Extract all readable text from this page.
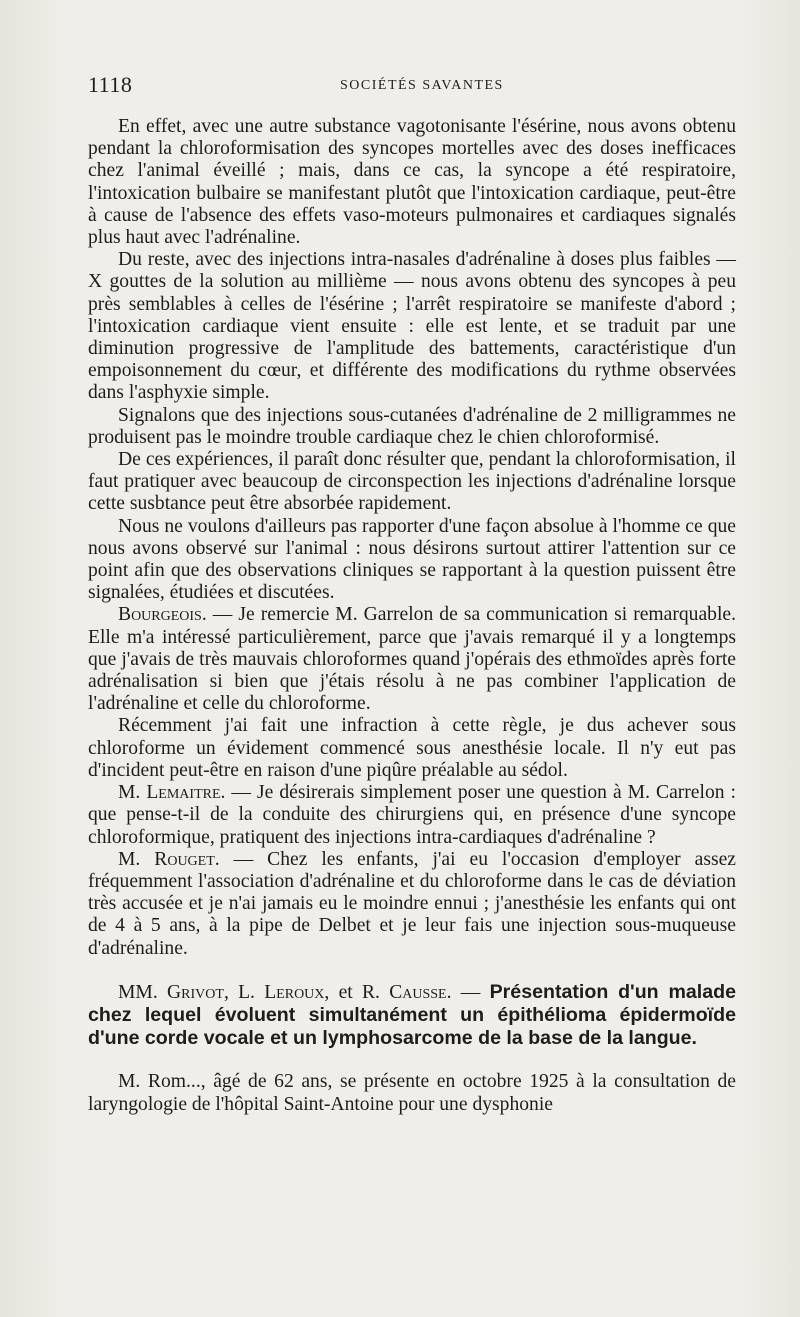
1118	SOCIÉTÉS SAVANTES

En effet, avec une autre substance vagotonisante l'ésérine, nous avons obtenu pendant la chloroformisation des syncopes mortelles avec des doses inefficaces chez l'animal éveillé ; mais, dans ce cas, la syncope a été respiratoire, l'intoxication bulbaire se manifestant plutôt que l'intoxication cardiaque, peut-être à cause de l'absence des effets vaso-moteurs pulmonaires et cardiaques signalés plus haut avec l'adrénaline.

Du reste, avec des injections intra-nasales d'adrénaline à doses plus faibles — X gouttes de la solution au millième — nous avons obtenu des syncopes à peu près semblables à celles de l'ésérine ; l'arrêt respiratoire se manifeste d'abord ; l'intoxication cardiaque vient ensuite : elle est lente, et se traduit par une diminution progressive de l'amplitude des battements, caractéristique d'un empoisonnement du cœur, et différente des modifications du rythme observées dans l'asphyxie simple.

Signalons que des injections sous-cutanées d'adrénaline de 2 milligrammes ne produisent pas le moindre trouble cardiaque chez le chien chloroformisé.

De ces expériences, il paraît donc résulter que, pendant la chloroformisation, il faut pratiquer avec beaucoup de circonspection les injections d'adrénaline lorsque cette susbtance peut être absorbée rapidement.

Nous ne voulons d'ailleurs pas rapporter d'une façon absolue à l'homme ce que nous avons observé sur l'animal : nous désirons surtout attirer l'attention sur ce point afin que des observations cliniques se rapportant à la question puissent être signalées, étudiées et discutées.

Bourgeois. — Je remercie M. Garrelon de sa communication si remarquable. Elle m'a intéressé particulièrement, parce que j'avais remarqué il y a longtemps que j'avais de très mauvais chloroformes quand j'opérais des ethmoïdes après forte adrénalisation si bien que j'étais résolu à ne pas combiner l'application de l'adrénaline et celle du chloroforme.

Récemment j'ai fait une infraction à cette règle, je dus achever sous chloroforme un évidement commencé sous anesthésie locale. Il n'y eut pas d'incident peut-être en raison d'une piqûre préalable au sédol.

M. Lemaitre. — Je désirerais simplement poser une question à M. Carrelon : que pense-t-il de la conduite des chirurgiens qui, en présence d'une syncope chloroformique, pratiquent des injections intra-cardiaques d'adrénaline ?

M. Rouget. — Chez les enfants, j'ai eu l'occasion d'employer assez fréquemment l'association d'adrénaline et du chloroforme dans le cas de déviation très accusée et je n'ai jamais eu le moindre ennui ; j'anesthésie les enfants qui ont de 4 à 5 ans, à la pipe de Delbet et je leur fais une injection sous-muqueuse d'adrénaline.

MM. Grivot, L. Leroux, et R. Causse. — Présentation d'un malade chez lequel évoluent simultanément un épithélioma épidermoïde d'une corde vocale et un lymphosarcome de la base de la langue.

M. Rom..., âgé de 62 ans, se présente en octobre 1925 à la consultation de laryngologie de l'hôpital Saint-Antoine pour une dysphonie
